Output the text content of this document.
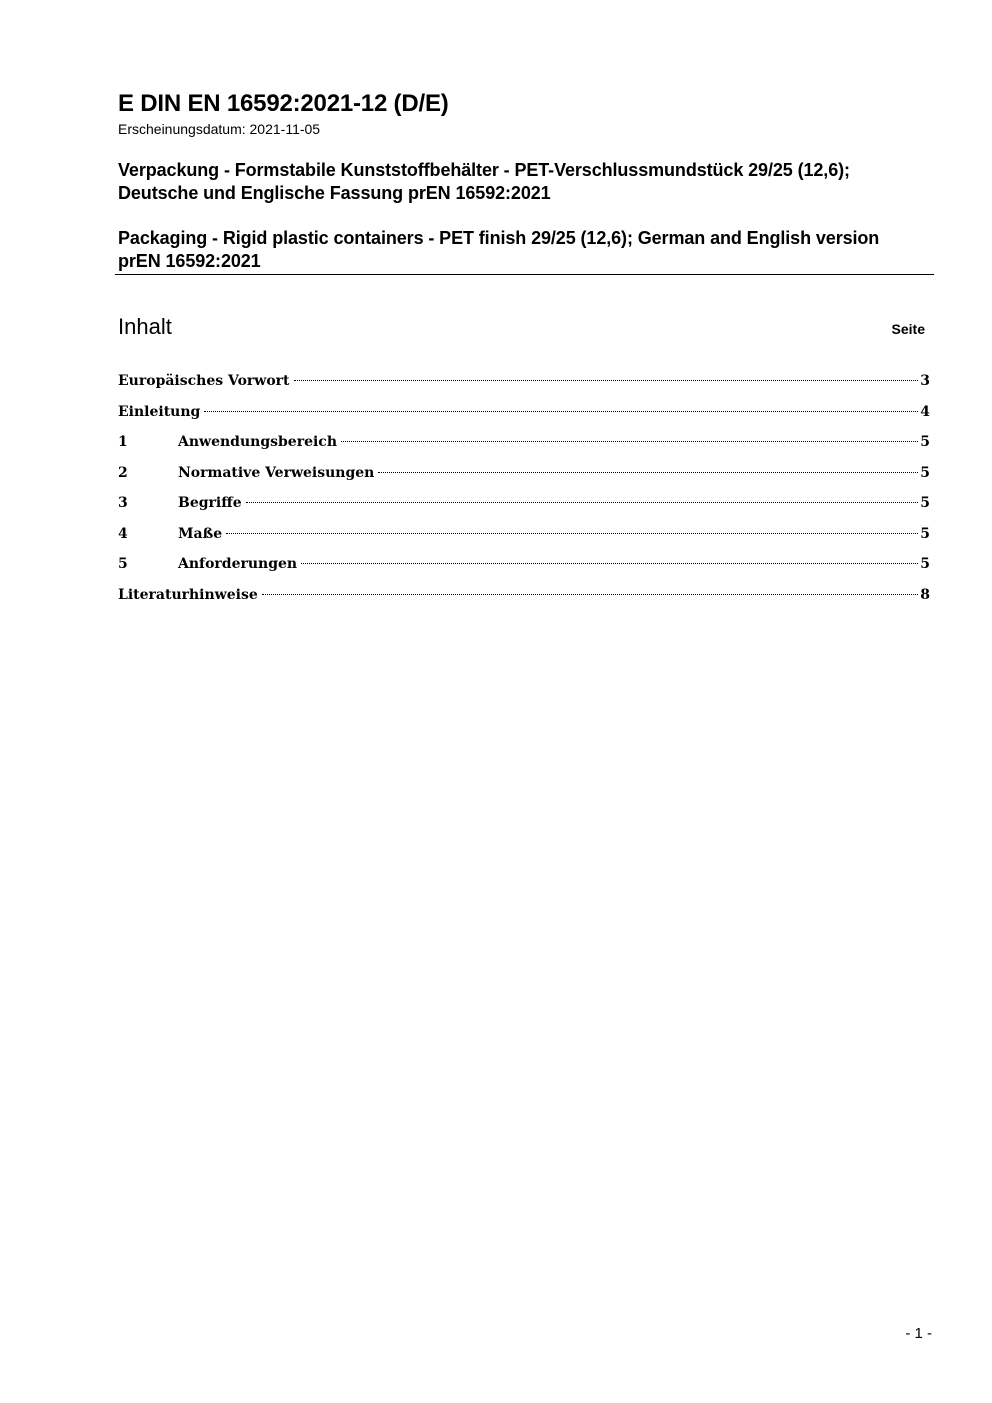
E DIN EN 16592:2021-12 (D/E)
Erscheinungsdatum: 2021-11-05
Verpackung - Formstabile Kunststoffbehälter - PET-Verschlussmundstück 29/25 (12,6); Deutsche und Englische Fassung prEN 16592:2021
Packaging - Rigid plastic containers - PET finish 29/25 (12,6); German and English version prEN 16592:2021
Inhalt	Seite
Europäisches Vorwort	3
Einleitung	4
1	Anwendungsbereich	5
2	Normative Verweisungen	5
3	Begriffe	5
4	Maße	5
5	Anforderungen	5
Literaturhinweise	8
- 1 -
